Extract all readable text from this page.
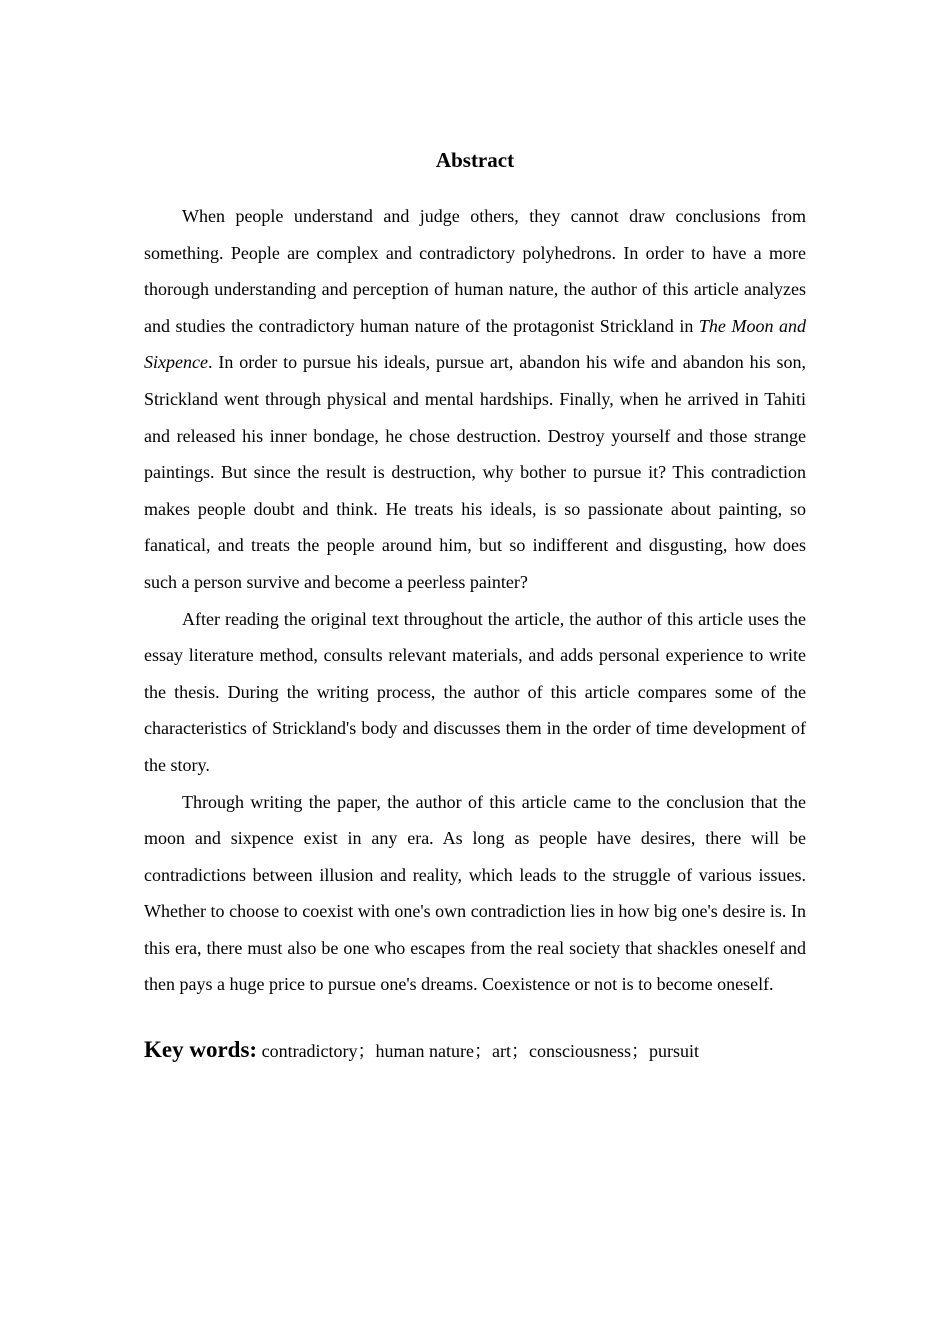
Abstract

When people understand and judge others, they cannot draw conclusions from something. People are complex and contradictory polyhedrons. In order to have a more thorough understanding and perception of human nature, the author of this article analyzes and studies the contradictory human nature of the protagonist Strickland in The Moon and Sixpence. In order to pursue his ideals, pursue art, abandon his wife and abandon his son, Strickland went through physical and mental hardships. Finally, when he arrived in Tahiti and released his inner bondage, he chose destruction. Destroy yourself and those strange paintings. But since the result is destruction, why bother to pursue it? This contradiction makes people doubt and think. He treats his ideals, is so passionate about painting, so fanatical, and treats the people around him, but so indifferent and disgusting, how does such a person survive and become a peerless painter?

After reading the original text throughout the article, the author of this article uses the essay literature method, consults relevant materials, and adds personal experience to write the thesis. During the writing process, the author of this article compares some of the characteristics of Strickland's body and discusses them in the order of time development of the story.

Through writing the paper, the author of this article came to the conclusion that the moon and sixpence exist in any era. As long as people have desires, there will be contradictions between illusion and reality, which leads to the struggle of various issues. Whether to choose to coexist with one's own contradiction lies in how big one's desire is. In this era, there must also be one who escapes from the real society that shackles oneself and then pays a huge price to pursue one's dreams. Coexistence or not is to become oneself.

Key words: contradictory；human nature；art；consciousness；pursuit
